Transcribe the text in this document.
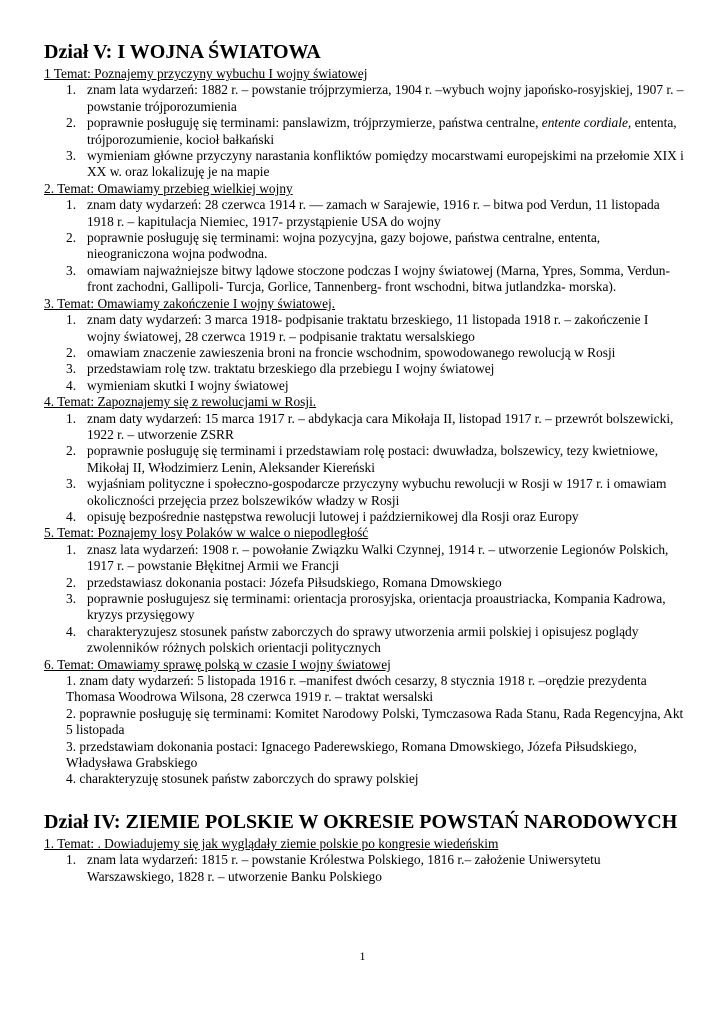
Dział V: I WOJNA ŚWIATOWA

1 Temat: Poznajemy przyczyny wybuchu I wojny światowej

1. znam lata wydarzeń: 1882 r. – powstanie trójprzymierza, 1904 r. –wybuch wojny japońsko-rosyjskiej, 1907 r. – powstanie trójporozumienia
2. poprawnie posługuję się terminami: panslawizm, trójprzymierze, państwa centralne, entente cordiale, ententa, trójporozumienie, kocioł bałkański
3. wymieniam główne przyczyny narastania konfliktów pomiędzy mocarstwami europejskimi na przełomie XIX i XX w. oraz lokalizuję je na mapie

2. Temat: Omawiamy przebieg wielkiej wojny

1. znam daty wydarzeń: 28 czerwca 1914 r. — zamach w Sarajewie, 1916 r. – bitwa pod Verdun, 11 listopada 1918 r. – kapitulacja Niemiec, 1917- przystąpienie USA do wojny
2. poprawnie posługuję się terminami: wojna pozycyjna, gazy bojowe, państwa centralne, ententa, nieograniczona wojna podwodna.
3. omawiam najważniejsze bitwy lądowe stoczone podczas I wojny światowej (Marna, Ypres, Somma, Verdun- front zachodni, Gallipoli- Turcja, Gorlice, Tannenberg- front wschodni, bitwa jutlandzka- morska).

3. Temat: Omawiamy zakończenie I wojny światowej.

1. znam daty wydarzeń: 3 marca 1918- podpisanie traktatu brzeskiego, 11 listopada 1918 r. – zakończenie I wojny światowej, 28 czerwca 1919 r. – podpisanie traktatu wersalskiego
2. omawiam znaczenie zawieszenia broni na froncie wschodnim, spowodowanego rewolucją w Rosji
3. przedstawiam rolę tzw. traktatu brzeskiego dla przebiegu I wojny światowej
4. wymieniam skutki I wojny światowej

4. Temat: Zapoznajemy się z rewolucjami w Rosji.

1. znam daty wydarzeń: 15 marca 1917 r. – abdykacja cara Mikołaja II, listopad 1917 r. – przewrót bolszewicki, 1922 r. – utworzenie ZSRR
2. poprawnie posługuję się terminami i przedstawiam rolę postaci: dwuwładza, bolszewicy, tezy kwietniowe, Mikołaj II, Włodzimierz Lenin, Aleksander Kiereński
3. wyjaśniam polityczne i społeczno-gospodarcze przyczyny wybuchu rewolucji w Rosji w 1917 r. i omawiam okoliczności przejęcia przez bolszewików władzy w Rosji
4. opisuję bezpośrednie następstwa rewolucji lutowej i październikowej dla Rosji oraz Europy

5. Temat: Poznajemy losy Polaków w walce o niepodległość

1. znasz lata wydarzeń: 1908 r. – powołanie Związku Walki Czynnej, 1914 r. – utworzenie Legionów Polskich, 1917 r. – powstanie Błękitnej Armii we Francji
2. przedstawiasz dokonania postaci: Józefa Piłsudskiego, Romana Dmowskiego
3. poprawnie posługujesz się terminami: orientacja prorosyjska, orientacja proaustriacka, Kompania Kadrowa, kryzys przysięgowy
4. charakteryzujesz stosunek państw zaborczych do sprawy utworzenia armii polskiej i opisujesz poglądy zwolenników różnych polskich orientacji politycznych

6. Temat: Omawiamy sprawę polską w czasie I wojny światowej

1. znam daty wydarzeń: 5 listopada 1916 r. –manifest dwóch cesarzy, 8 stycznia 1918 r. –orędzie prezydenta Thomasa Woodrowa Wilsona, 28 czerwca 1919 r. – traktat wersalski

2. poprawnie posługuję się terminami: Komitet Narodowy Polski, Tymczasowa Rada Stanu, Rada Regencyjna, Akt 5 listopada

3. przedstawiam dokonania postaci: Ignacego Paderewskiego, Romana Dmowskiego, Józefa Piłsudskiego, Władysława Grabskiego

4. charakteryzuję stosunek państw zaborczych do sprawy polskiej

Dział IV: ZIEMIE POLSKIE W OKRESIE POWSTAŃ NARODOWYCH

1. Temat: . Dowiadujemy się jak wyglądały ziemie polskie po kongresie wiedeńskim

1. znam lata wydarzeń: 1815 r. – powstanie Królestwa Polskiego, 1816 r.– założenie Uniwersytetu Warszawskiego, 1828 r. – utworzenie Banku Polskiego
1
